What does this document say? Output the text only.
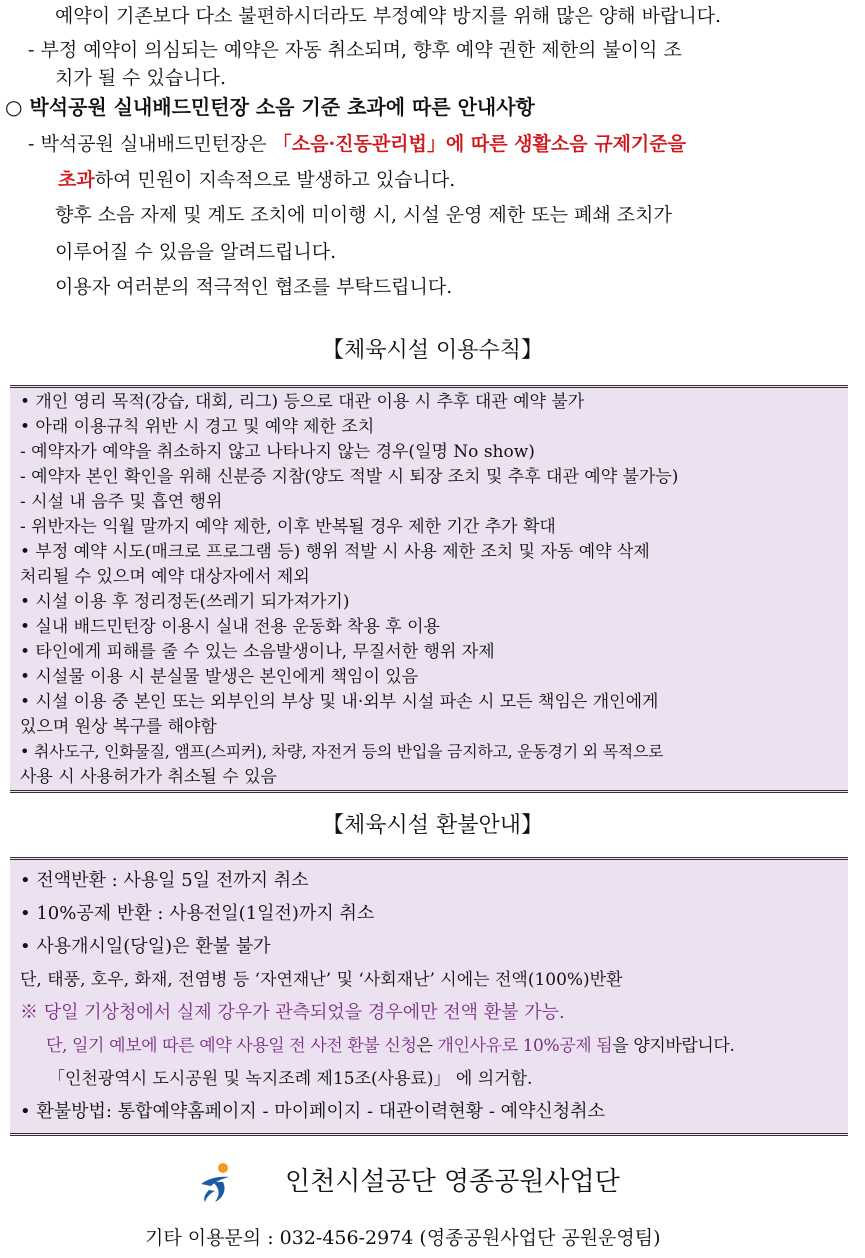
예약이 기존보다 다소 불편하시더라도 부정예약 방지를 위해 많은 양해 바랍니다.
- 부정 예약이 의심되는 예약은 자동 취소되며, 향후 예약 권한 제한의 불이익 조
치가 될 수 있습니다.
○ 박석공원 실내배드민턴장 소음 기준 초과에 따른 안내사항
- 박석공원 실내배드민턴장은 「소음·진동관리법」에 따른 생활소음 규제기준을
초과하여 민원이 지속적으로 발생하고 있습니다.
향후 소음 자제 및 계도 조치에 미이행 시, 시설 운영 제한 또는 폐쇄 조치가
이루어질 수 있음을 알려드립니다.
이용자 여러분의 적극적인 협조를 부탁드립니다.
【체육시설 이용수칙】
• 개인 영리 목적(강습, 대회, 리그) 등으로 대관 이용 시 추후 대관 예약 불가
• 아래 이용규칙 위반 시 경고 및 예약 제한 조치
- 예약자가 예약을 취소하지 않고 나타나지 않는 경우(일명 No show)
- 예약자 본인 확인을 위해 신분증 지참(양도 적발 시 퇴장 조치 및 추후 대관 예약 불가능)
- 시설 내 음주 및 흡연 행위
- 위반자는 익월 말까지 예약 제한, 이후 반복될 경우 제한 기간 추가 확대
• 부정 예약 시도(매크로 프로그램 등) 행위 적발 시 사용 제한 조치 및 자동 예약 삭제
처리될 수 있으며 예약 대상자에서 제외
• 시설 이용 후 정리정돈(쓰레기 되가져가기)
• 실내 배드민턴장 이용시 실내 전용 운동화 착용 후 이용
• 타인에게 피해를 줄 수 있는 소음발생이나, 무질서한 행위 자제
• 시설물 이용 시 분실물 발생은 본인에게 책임이 있음
• 시설 이용 중 본인 또는 외부인의 부상 및 내·외부 시설 파손 시 모든 책임은 개인에게
있으며 원상 복구를 해야함
• 취사도구, 인화물질, 앰프(스피커), 차량, 자전거 등의 반입을 금지하고, 운동경기 외 목적으로
사용 시 사용허가가 취소될 수 있음
【체육시설 환불안내】
• 전액반환 : 사용일 5일 전까지 취소
• 10%공제 반환 : 사용전일(1일전)까지 취소
• 사용개시일(당일)은 환불 불가
단, 태풍, 호우, 화재, 전염병 등 ‘자연재난’ 및 ‘사회재난’ 시에는 전액(100%)반환
※ 당일 기상청에서 실제 강우가 관측되었을 경우에만 전액 환불 가능.
단, 일기 예보에 따른 예약 사용일 전 사전 환불 신청은 개인사유로 10%공제 됨을 양지바랍니다.
「인천광역시 도시공원 및 녹지조례 제15조(사용료)」 에 의거함.
• 환불방법: 통합예약홈페이지 - 마이페이지 - 대관이력현황 - 예약신청취소
인천시설공단 영종공원사업단
기타 이용문의 : 032-456-2974 (영종공원사업단 공원운영팀)
